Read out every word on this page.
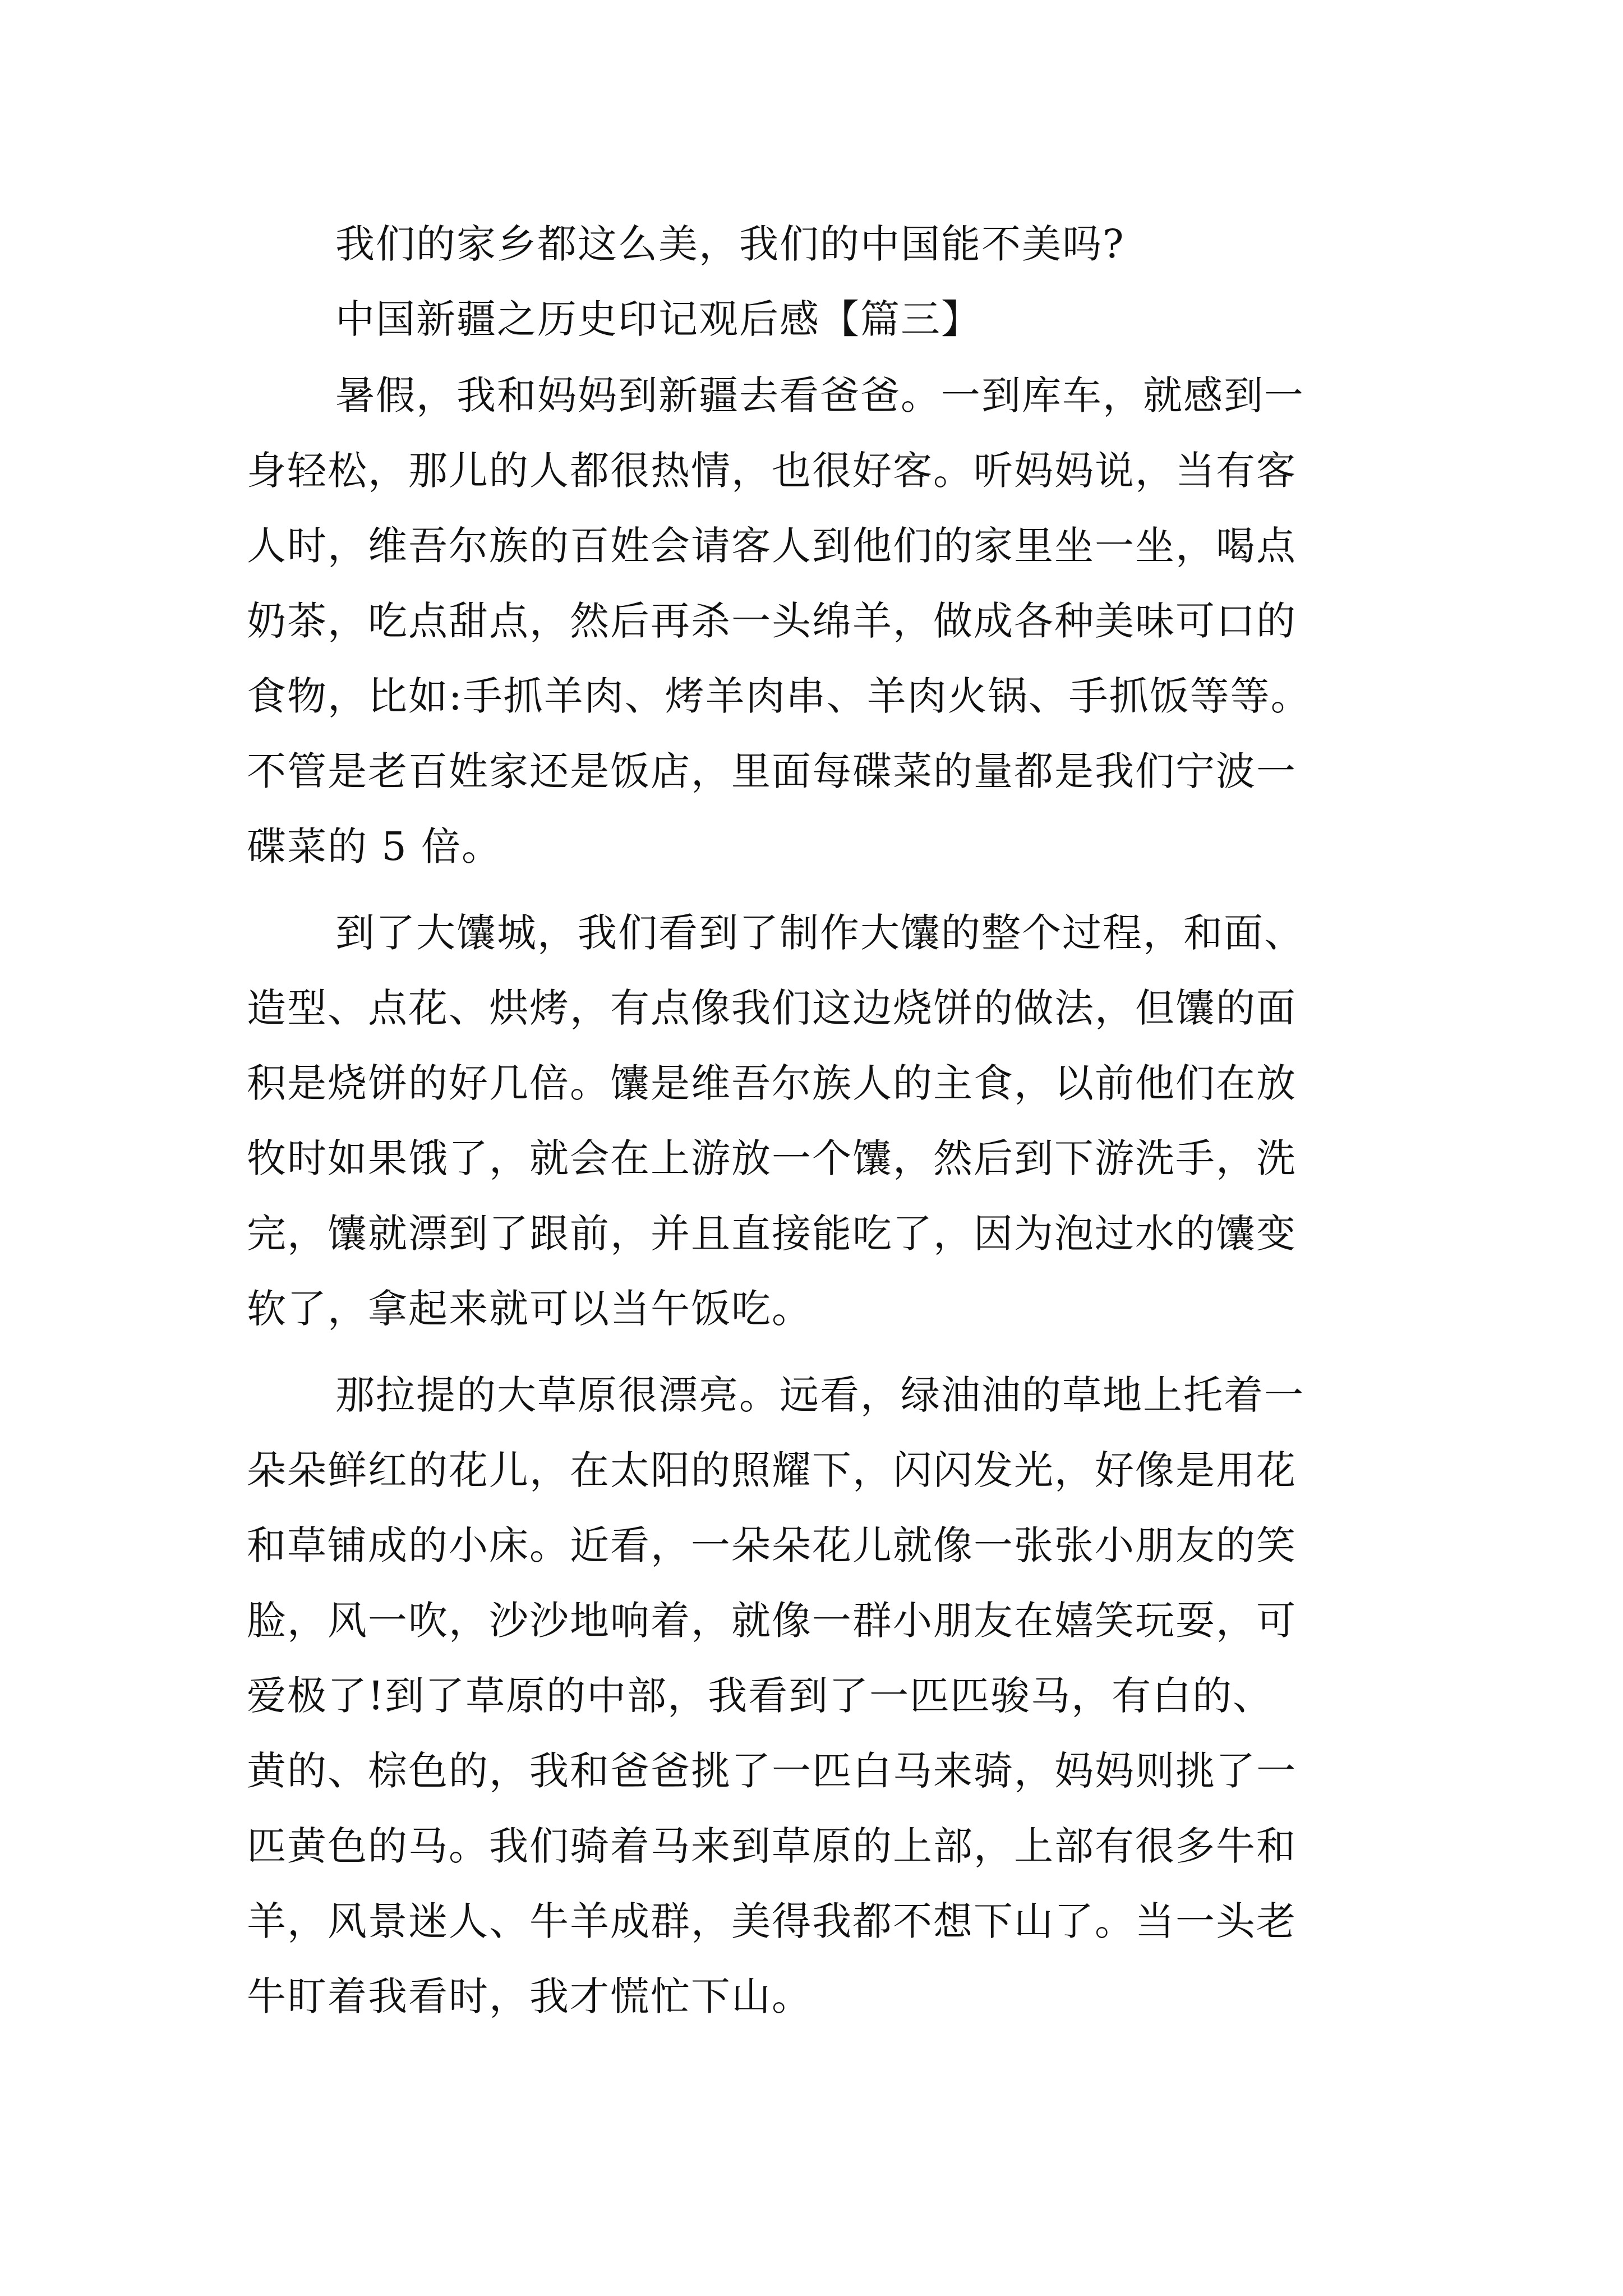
我们的家乡都这么美，我们的中国能不美吗?

中国新疆之历史印记观后感【篇三】

暑假，我和妈妈到新疆去看爸爸。一到库车，就感到一

身轻松，那儿的人都很热情，也很好客。听妈妈说，当有客

人时，维吾尔族的百姓会请客人到他们的家里坐一坐，喝点

奶茶，吃点甜点，然后再杀一头绵羊，做成各种美味可口的

食物，比如:手抓羊肉、烤羊肉串、羊肉火锅、手抓饭等等。

不管是老百姓家还是饭店，里面每碟菜的量都是我们宁波一

碟菜的 5 倍。

到了大馕城，我们看到了制作大馕的整个过程，和面、

造型、点花、烘烤，有点像我们这边烧饼的做法，但馕的面

积是烧饼的好几倍。馕是维吾尔族人的主食，以前他们在放

牧时如果饿了，就会在上游放一个馕，然后到下游洗手，洗

完，馕就漂到了跟前，并且直接能吃了，因为泡过水的馕变

软了，拿起来就可以当午饭吃。

那拉提的大草原很漂亮。远看，绿油油的草地上托着一

朵朵鲜红的花儿，在太阳的照耀下，闪闪发光，好像是用花

和草铺成的小床。近看，一朵朵花儿就像一张张小朋友的笑

脸，风一吹，沙沙地响着，就像一群小朋友在嬉笑玩耍，可

爱极了!到了草原的中部，我看到了一匹匹骏马，有白的、

黄的、棕色的，我和爸爸挑了一匹白马来骑，妈妈则挑了一

匹黄色的马。我们骑着马来到草原的上部，上部有很多牛和

羊，风景迷人、牛羊成群，美得我都不想下山了。当一头老

牛盯着我看时，我才慌忙下山。
